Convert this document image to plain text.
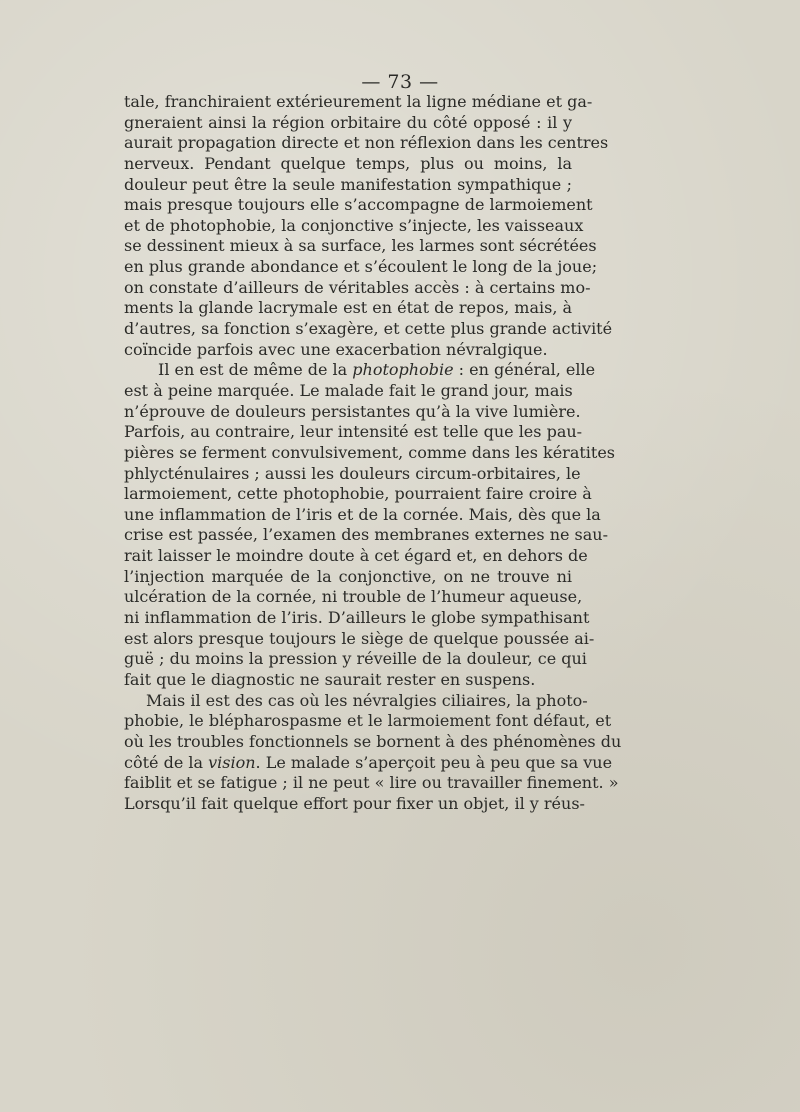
— 73 —
tale, franchiraient extérieurement la ligne médiane et ga-
gneraient ainsi la région orbitaire du côté opposé : il y
aurait propagation directe et non réflexion dans les centres
nerveux. Pendant quelque temps, plus ou moins, la
douleur peut être la seule manifestation sympathique ;
mais presque toujours elle s’accompagne de larmoiement
et de photophobie, la conjonctive s’injecte, les vaisseaux
se dessinent mieux à sa surface, les larmes sont sécrétées
en plus grande abondance et s’écoulent le long de la joue;
on constate d’ailleurs de véritables accès : à certains mo-
ments la glande lacrymale est en état de repos, mais, à
d’autres, sa fonction s’exagère, et cette plus grande activité
coïncide parfois avec une exacerbation névralgique.
Il en est de même de la photophobie : en général, elle
est à peine marquée. Le malade fait le grand jour, mais
n’éprouve de douleurs persistantes qu’à la vive lumière.
Parfois, au contraire, leur intensité est telle que les pau-
pières se ferment convulsivement, comme dans les kératites
phlycténulaires ; aussi les douleurs circum-orbitaires, le
larmoiement, cette photophobie, pourraient faire croire à
une inflammation de l’iris et de la cornée. Mais, dès que la
crise est passée, l’examen des membranes externes ne sau-
rait laisser le moindre doute à cet égard et, en dehors de
l’injection marquée de la conjonctive, on ne trouve ni
ulcération de la cornée, ni trouble de l’humeur aqueuse,
ni inflammation de l’iris. D’ailleurs le globe sympathisant
est alors presque toujours le siège de quelque poussée ai-
guë ; du moins la pression y réveille de la douleur, ce qui
fait que le diagnostic ne saurait rester en suspens.
Mais il est des cas où les névralgies ciliaires, la photo-
phobie, le blépharospasme et le larmoiement font défaut, et
où les troubles fonctionnels se bornent à des phénomènes du
côté de la vision. Le malade s’aperçoit peu à peu que sa vue
faiblit et se fatigue ; il ne peut « lire ou travailler finement. »
Lorsqu’il fait quelque effort pour fixer un objet, il y réus-
